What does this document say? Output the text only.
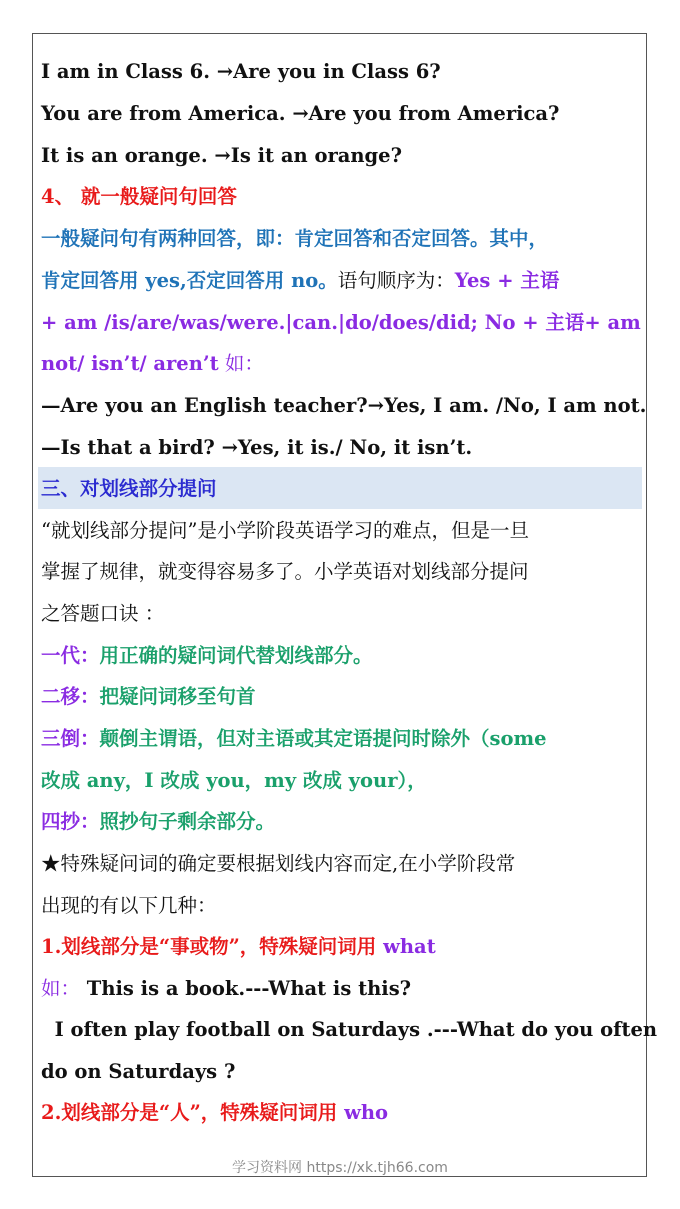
I am in Class 6. →Are you in Class 6?
You are from America. →Are you from America?
It is an orange. →Is it an orange?
4、 就一般疑问句回答
一般疑问句有两种回答，即：肯定回答和否定回答。其中，
肯定回答用 yes,否定回答用 no。语句顺序为：Yes + 主语
+ am /is/are/was/were.|can.|do/does/did; No + 主语+ am
not/ isn’t/ aren’t 如：
—Are you an English teacher?→Yes, I am. /No, I am not.
—Is that a bird? →Yes, it is./ No, it isn’t.
三、对划线部分提问
“就划线部分提问”是小学阶段英语学习的难点，但是一旦
掌握了规律，就变得容易多了。小学英语对划线部分提问
之答题口诀 ：
一代：用正确的疑问词代替划线部分。
二移：把疑问词移至句首
三倒：颠倒主谓语，但对主语或其定语提问时除外（some
改成 any，I 改成 you，my 改成 your），
四抄：照抄句子剩余部分。
★特殊疑问词的确定要根据划线内容而定,在小学阶段常
出现的有以下几种：
1.划线部分是“事或物”，特殊疑问词用 what
如： This is a book.---What is this?
I often play football on Saturdays .---What do you often
do on Saturdays ?
2.划线部分是“人”，特殊疑问词用 who
学习资料网 https://xk.tjh66.com
